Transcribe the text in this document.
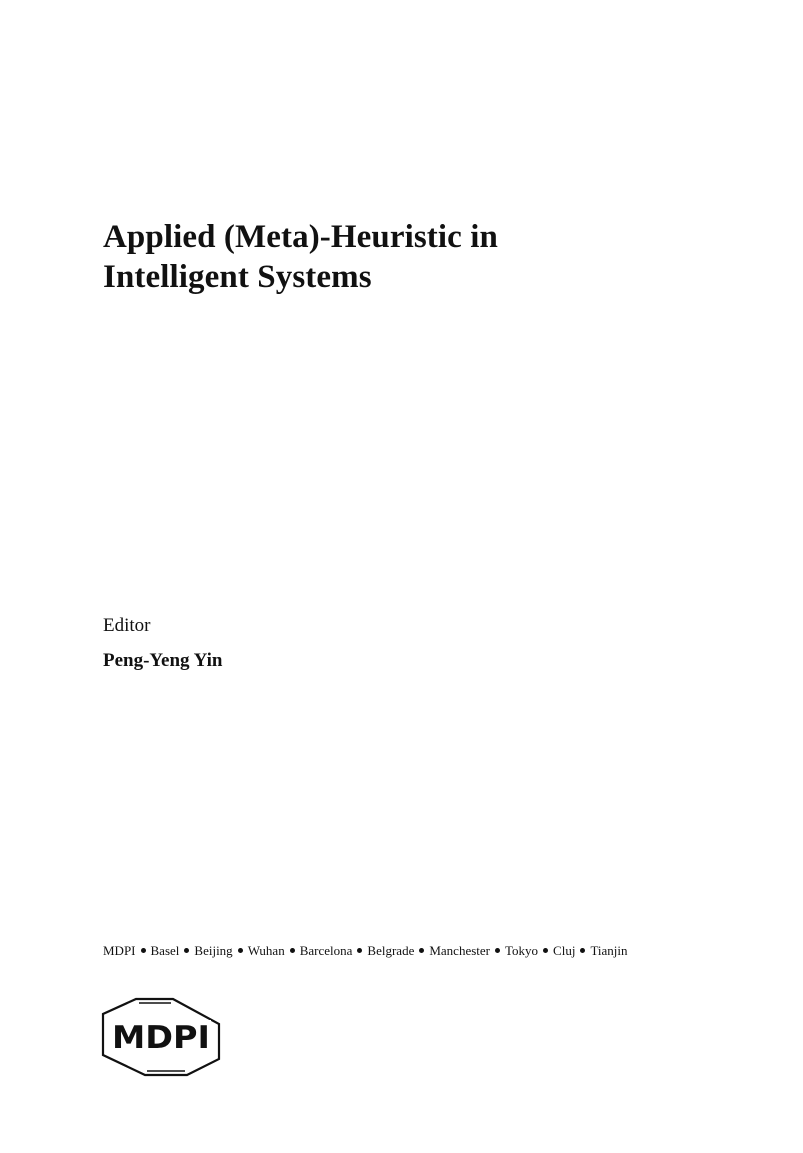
Applied (Meta)-Heuristic in
Intelligent Systems
Editor
Peng-Yeng Yin
MDPI Basel Beijing Wuhan Barcelona Belgrade Manchester Tokyo Cluj Tianjin
MDPI
